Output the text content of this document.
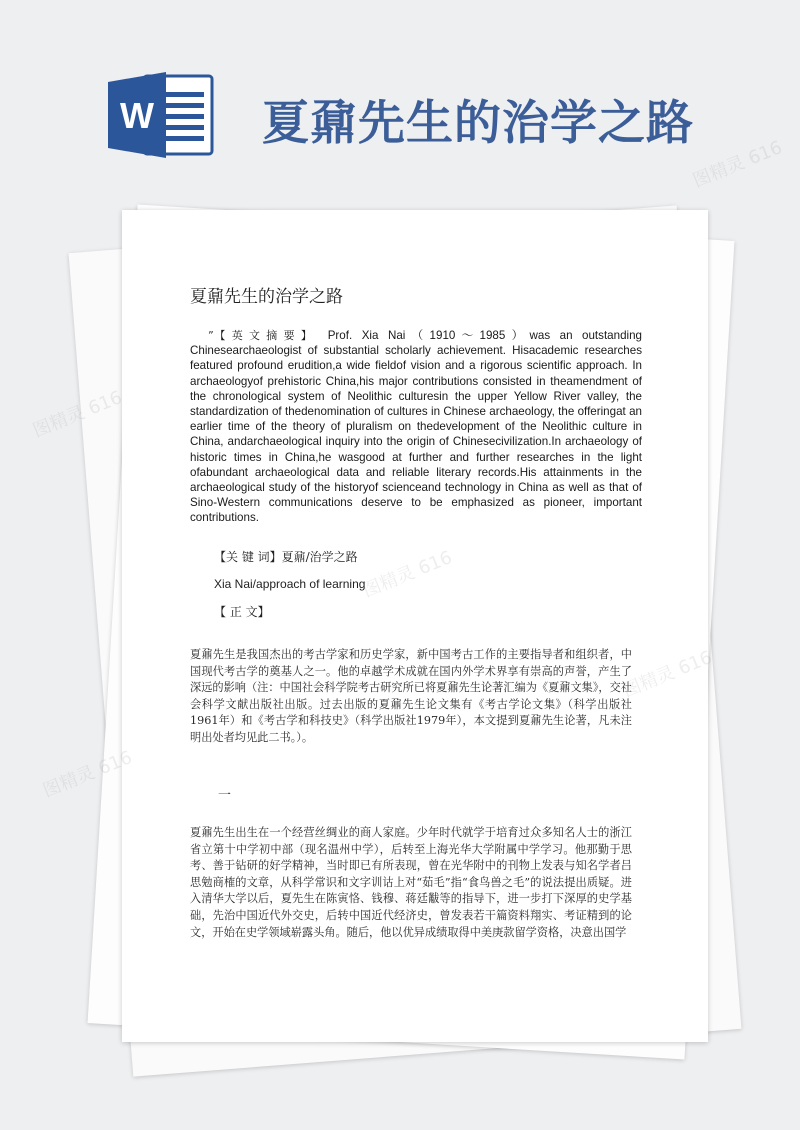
W 夏鼐先生的治学之路
夏鼐先生的治学之路
”【英文摘要】 Prof. Xia Nai（1910～1985）was an outstanding Chinesearchaeologist of substantial scholarly achievement. Hisacademic researches featured profound erudition,a wide fieldof vision and a rigorous scientific approach. In archaeologyof prehistoric China,his major contributions consisted in theamendment of the chronological system of Neolithic culturesin the upper Yellow River valley, the standardization of thedenomination of cultures in Chinese archaeology, the offeringat an earlier time of the theory of pluralism on thedevelopment of the Neolithic culture in China, andarchaeological inquiry into the origin of Chinesecivilization.In archaeology of historic times in China,he wasgood at further and further researches in the light ofabundant archaeological data and reliable literary records.His attainments in the archaeological study of the historyof scienceand technology in China as well as that of Sino-Western communications deserve to be emphasized as pioneer, important contributions.
【关 键 词】夏鼐/治学之路
Xia Nai/approach of learning
【 正 文】
夏鼐先生是我国杰出的考古学家和历史学家，新中国考古工作的主要指导者和组织者，中国现代考古学的奠基人之一。他的卓越学术成就在国内外学术界享有崇高的声誉，产生了深远的影响（注：中国社会科学院考古研究所已将夏鼐先生论著汇编为《夏鼐文集》，交社会科学文献出版社出版。过去出版的夏鼐先生论文集有《考古学论文集》（科学出版社1961年）和《考古学和科技史》（科学出版社1979年），本文提到夏鼐先生论著，凡未注明出处者均见此二书。）。
一
夏鼐先生出生在一个经营丝绸业的商人家庭。少年时代就学于培育过众多知名人士的浙江省立第十中学初中部（现名温州中学），后转至上海光华大学附属中学学习。他那勤于思考、善于钻研的好学精神，当时即已有所表现，曾在光华附中的刊物上发表与知名学者吕思勉商榷的文章，从科学常识和文字训诂上对“茹毛”指“食鸟兽之毛”的说法提出质疑。进入清华大学以后，夏先生在陈寅恪、钱穆、蒋廷黻等的指导下，进一步打下深厚的史学基础，先治中国近代外交史，后转中国近代经济史，曾发表若干篇资料翔实、考证精到的论文，开始在史学领域崭露头角。随后，他以优异成绩取得中美庚款留学资格，决意出国学
图精灵 616
图精灵 616
图精灵 616
